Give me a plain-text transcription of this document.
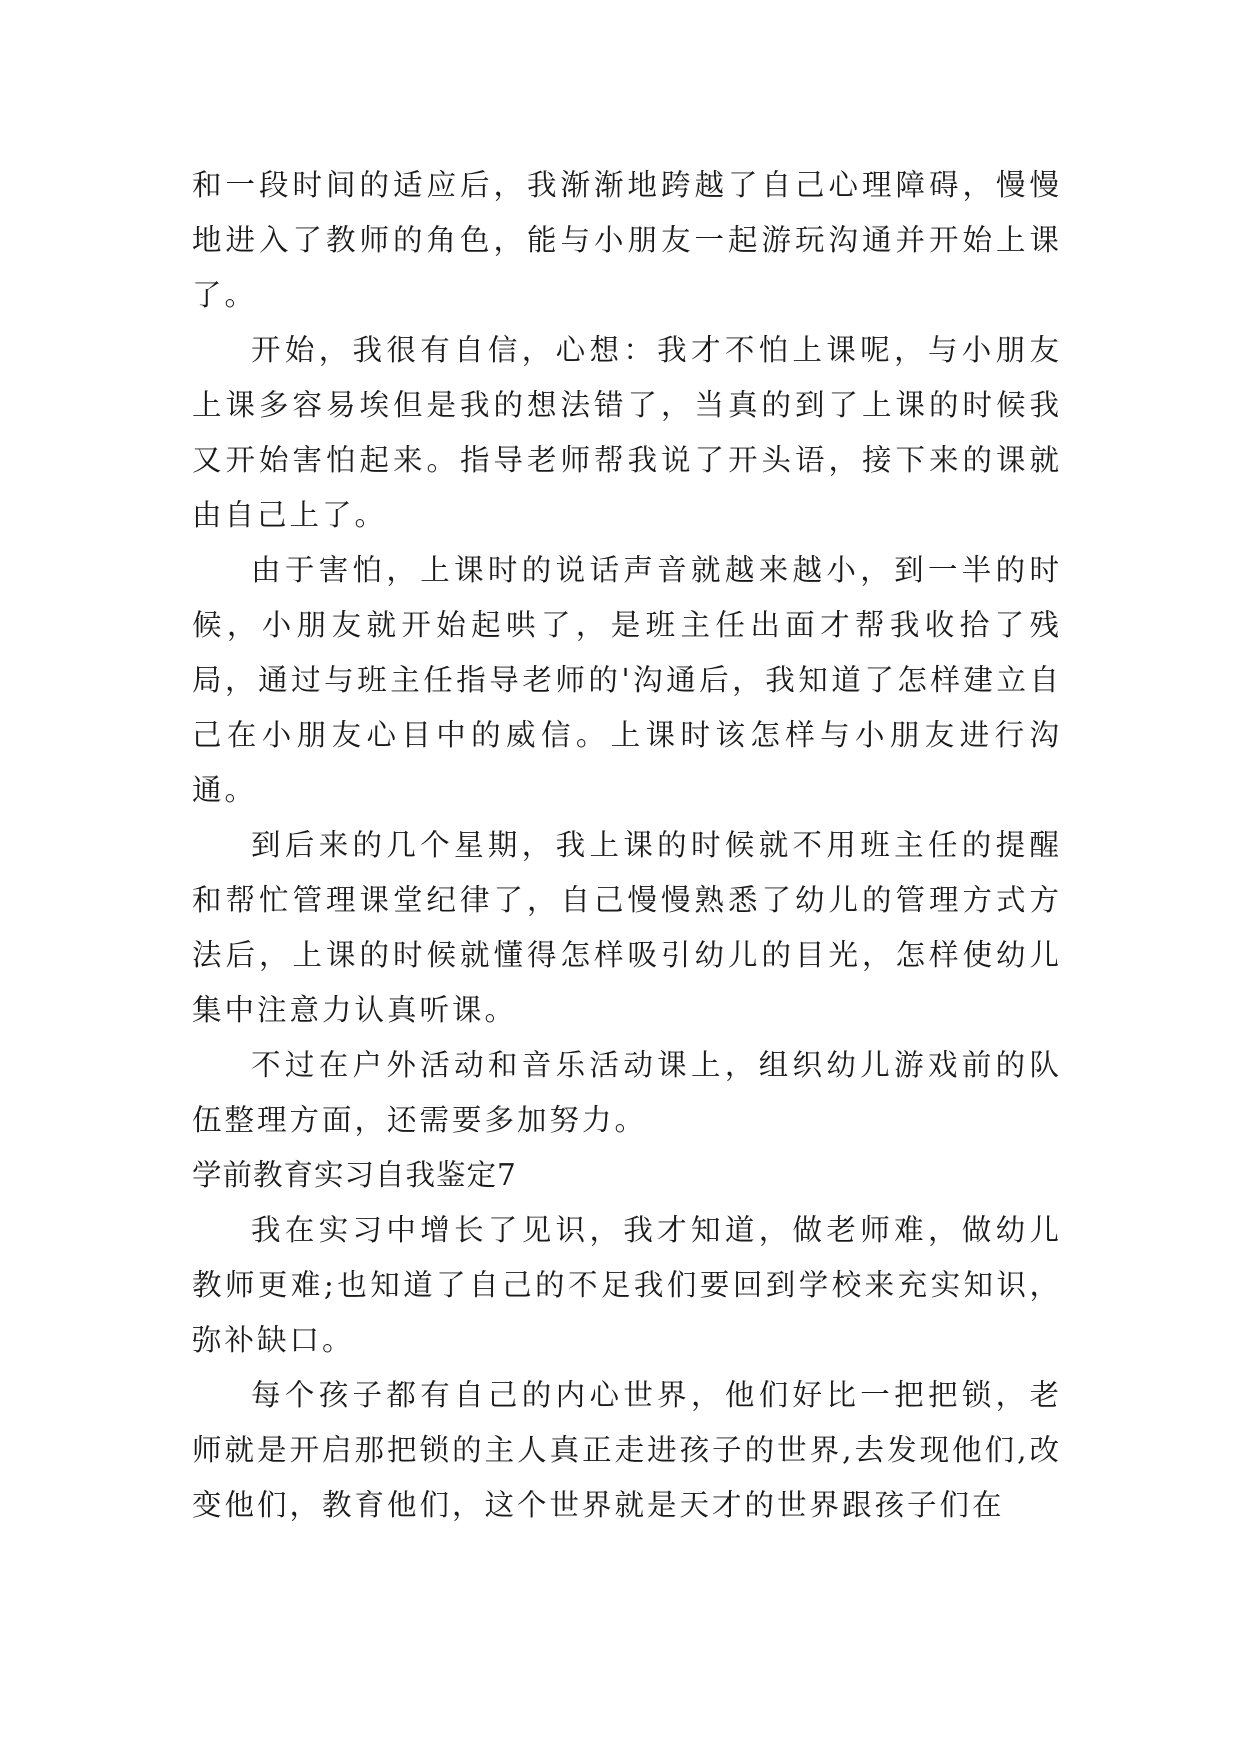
和一段时间的适应后，我渐渐地跨越了自己心理障碍，慢慢地进入了教师的角色，能与小朋友一起游玩沟通并开始上课了。

开始，我很有自信，心想：我才不怕上课呢，与小朋友上课多容易埃但是我的想法错了，当真的到了上课的时候我又开始害怕起来。指导老师帮我说了开头语，接下来的课就由自己上了。

由于害怕，上课时的说话声音就越来越小，到一半的时候，小朋友就开始起哄了，是班主任出面才帮我收拾了残局，通过与班主任指导老师的'沟通后，我知道了怎样建立自己在小朋友心目中的威信。上课时该怎样与小朋友进行沟通。

到后来的几个星期，我上课的时候就不用班主任的提醒和帮忙管理课堂纪律了，自己慢慢熟悉了幼儿的管理方式方法后，上课的时候就懂得怎样吸引幼儿的目光，怎样使幼儿集中注意力认真听课。

不过在户外活动和音乐活动课上，组织幼儿游戏前的队伍整理方面，还需要多加努力。

学前教育实习自我鉴定7

我在实习中增长了见识，我才知道，做老师难，做幼儿教师更难;也知道了自己的不足我们要回到学校来充实知识，弥补缺口。

每个孩子都有自己的内心世界，他们好比一把把锁，老师就是开启那把锁的主人真正走进孩子的世界,去发现他们,改变他们，教育他们，这个世界就是天才的世界跟孩子们在
